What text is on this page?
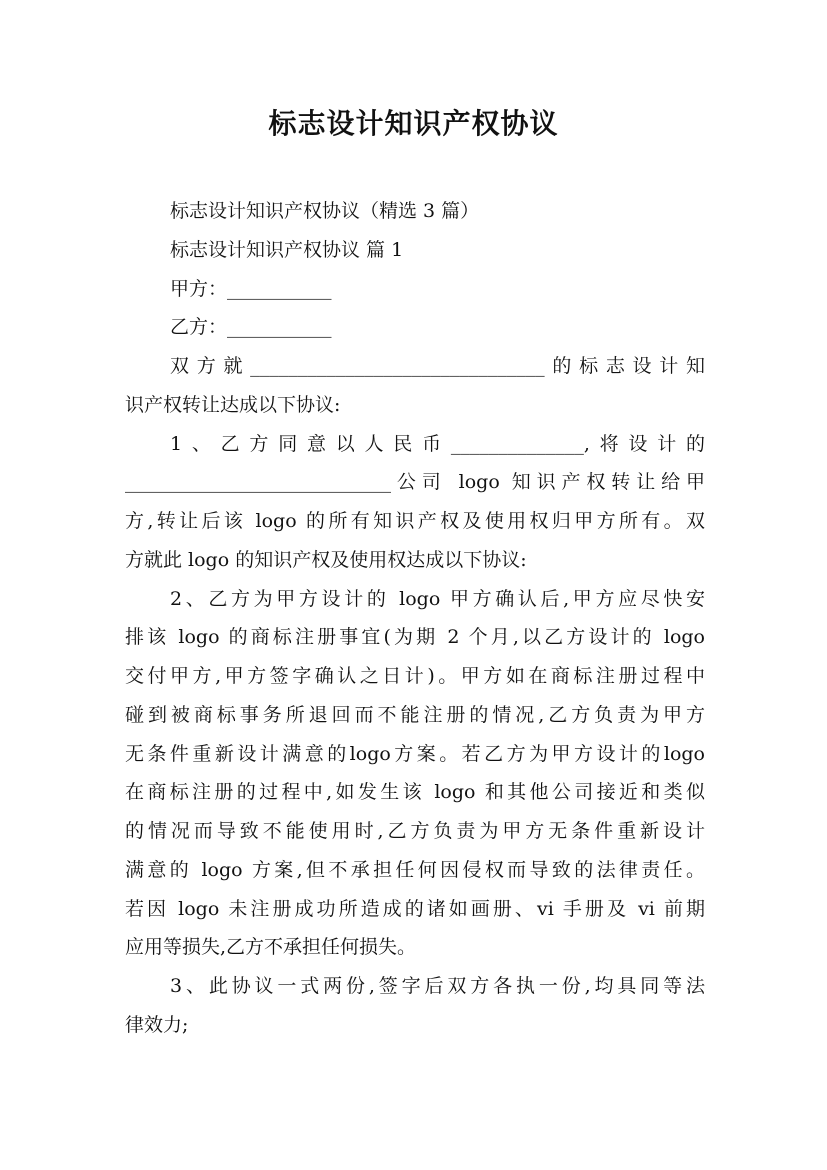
标志设计知识产权协议
标志设计知识产权协议（精选 3 篇）
标志设计知识产权协议 篇 1
甲方：___________
乙方：___________
双方就_______________________________的标志设计知
识产权转让达成以下协议:
1、乙方同意以人民币______________,将设计的
____________________________公司 logo 知识产权转让给甲
方,转让后该 logo 的所有知识产权及使用权归甲方所有。双
方就此 logo 的知识产权及使用权达成以下协议:
2、乙方为甲方设计的 logo 甲方确认后,甲方应尽快安
排该 logo 的商标注册事宜(为期 2 个月,以乙方设计的 logo
交付甲方,甲方签字确认之日计)。甲方如在商标注册过程中
碰到被商标事务所退回而不能注册的情况,乙方负责为甲方
无条件重新设计满意的logo方案。若乙方为甲方设计的logo
在商标注册的过程中,如发生该 logo 和其他公司接近和类似
的情况而导致不能使用时,乙方负责为甲方无条件重新设计
满意的 logo 方案,但不承担任何因侵权而导致的法律责任。
若因 logo 未注册成功所造成的诸如画册、vi 手册及 vi 前期
应用等损失,乙方不承担任何损失。
3、此协议一式两份,签字后双方各执一份,均具同等法
律效力;
